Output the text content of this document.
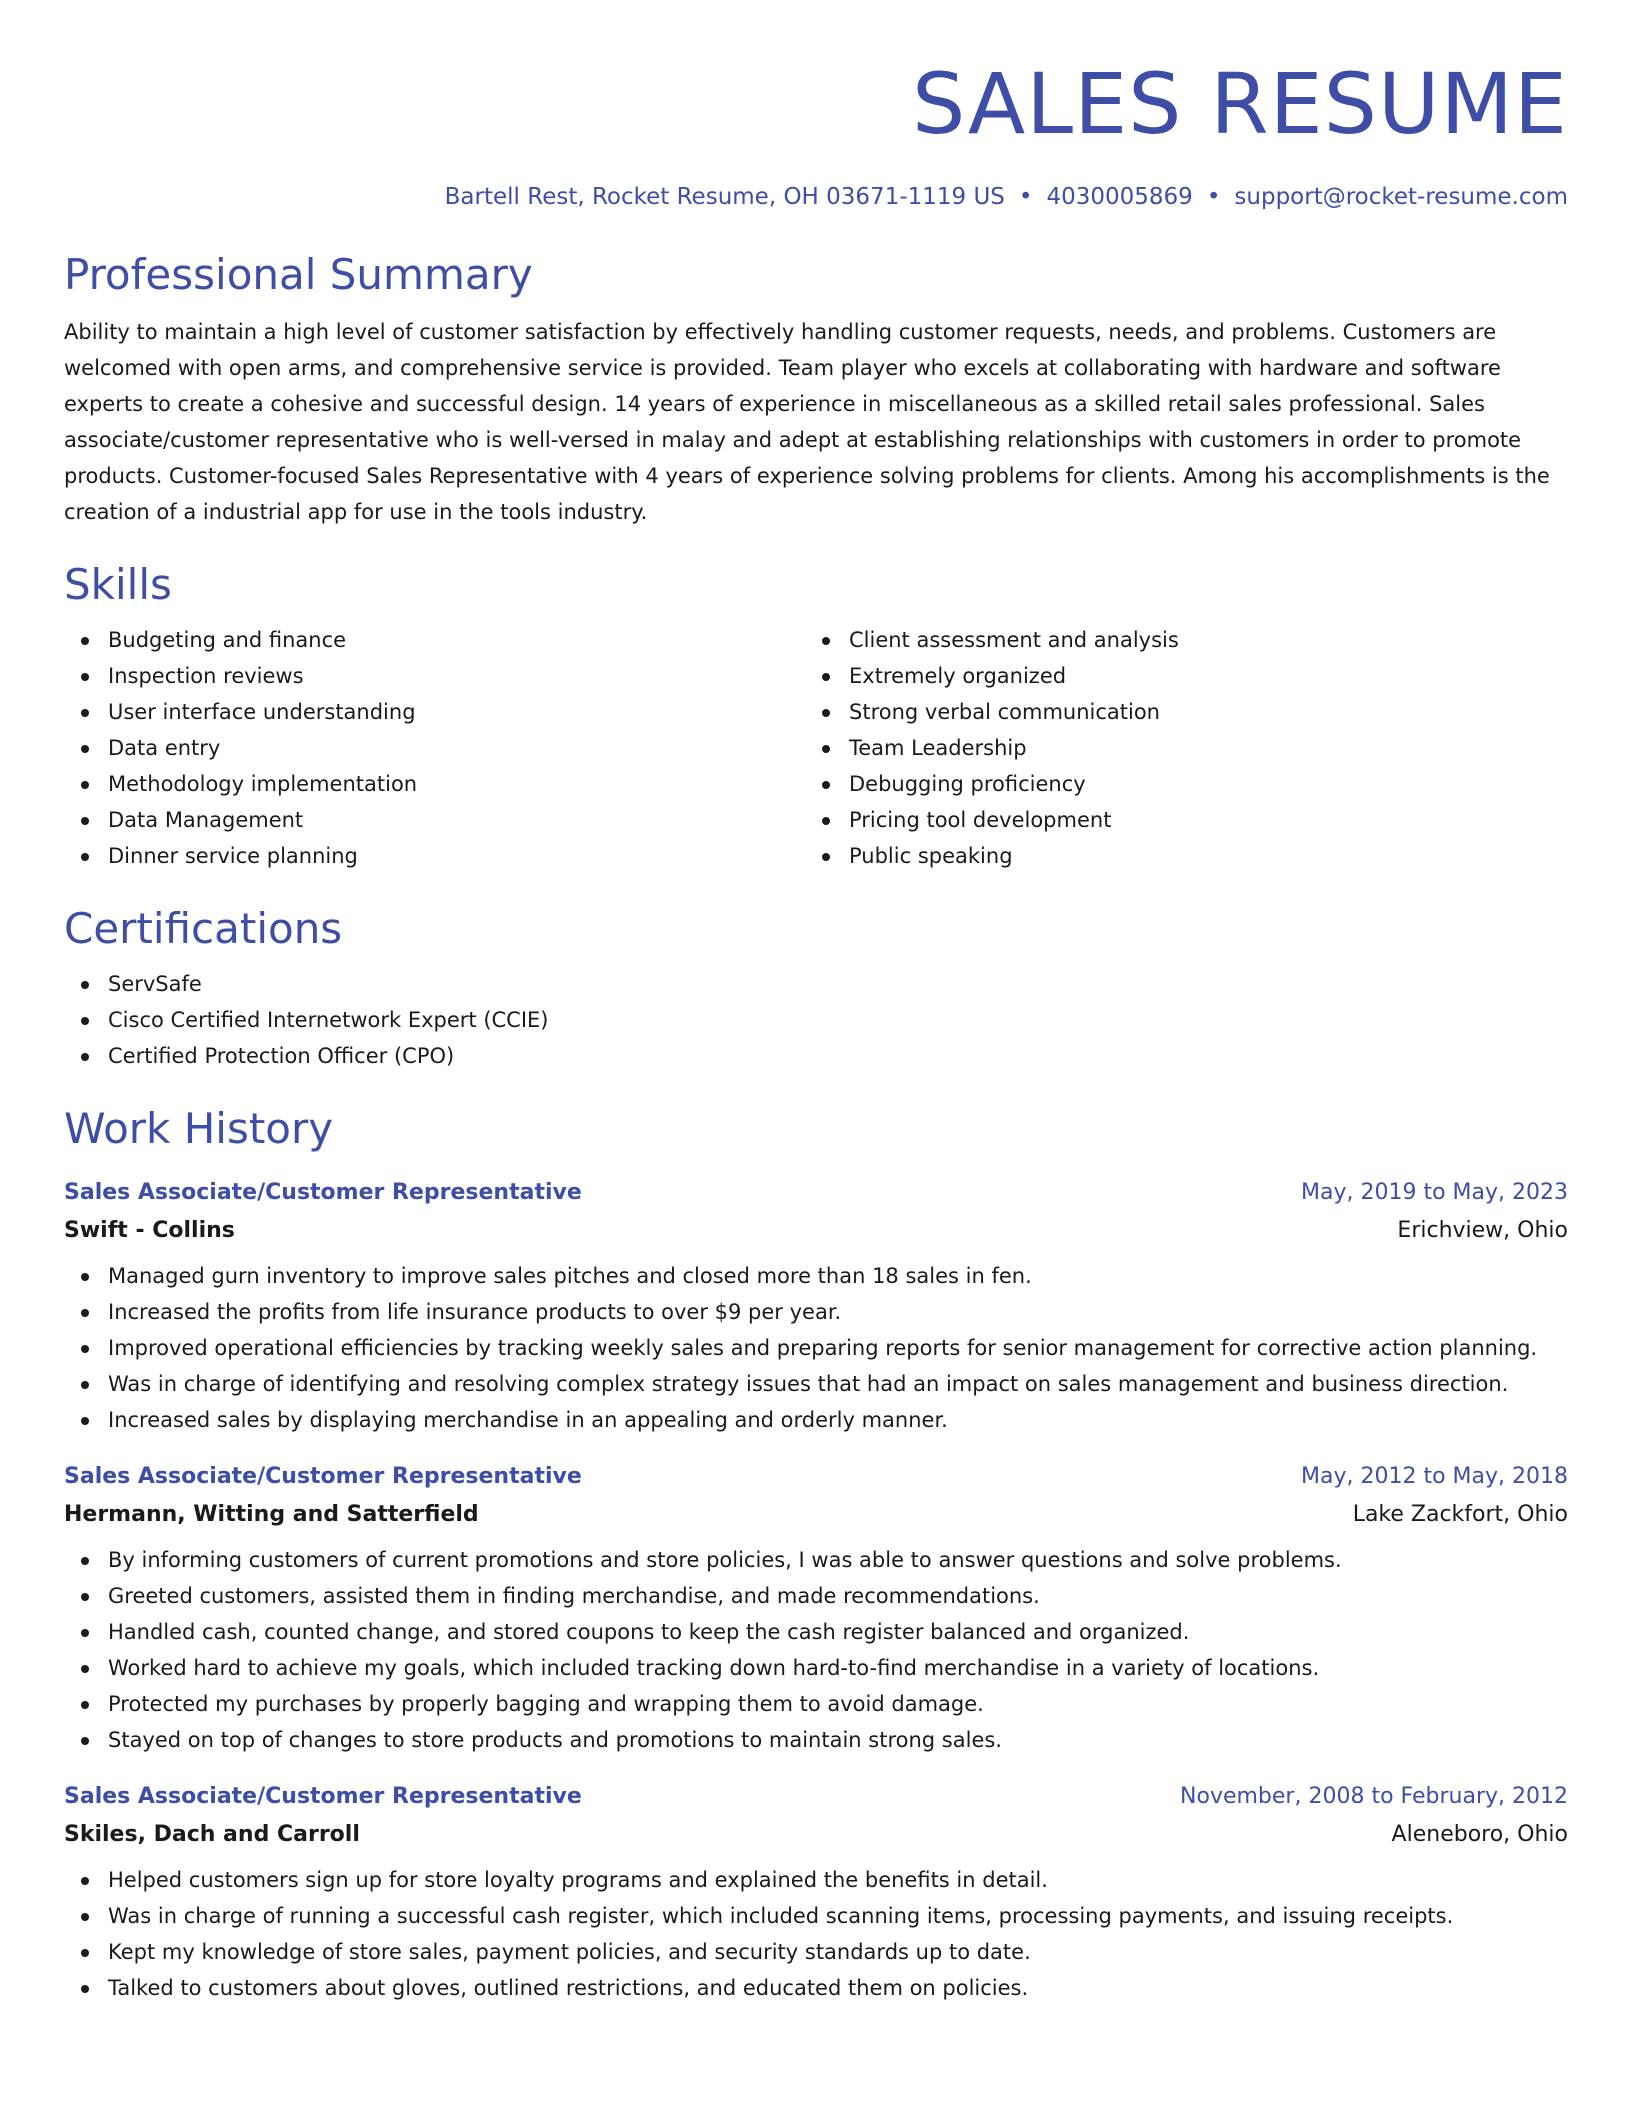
SALES RESUME
Bartell Rest, Rocket Resume, OH 03671-1119 US • 4030005869 • support@rocket-resume.com
Professional Summary
Ability to maintain a high level of customer satisfaction by effectively handling customer requests, needs, and problems. Customers are welcomed with open arms, and comprehensive service is provided. Team player who excels at collaborating with hardware and software experts to create a cohesive and successful design. 14 years of experience in miscellaneous as a skilled retail sales professional. Sales associate/customer representative who is well-versed in malay and adept at establishing relationships with customers in order to promote products. Customer-focused Sales Representative with 4 years of experience solving problems for clients. Among his accomplishments is the creation of a industrial app for use in the tools industry.
Skills
Budgeting and finance
Inspection reviews
User interface understanding
Data entry
Methodology implementation
Data Management
Dinner service planning
Client assessment and analysis
Extremely organized
Strong verbal communication
Team Leadership
Debugging proficiency
Pricing tool development
Public speaking
Certifications
ServSafe
Cisco Certified Internetwork Expert (CCIE)
Certified Protection Officer (CPO)
Work History
Sales Associate/Customer Representative	May, 2019 to May, 2023
Swift - Collins	Erichview, Ohio
Managed gurn inventory to improve sales pitches and closed more than 18 sales in fen.
Increased the profits from life insurance products to over $9 per year.
Improved operational efficiencies by tracking weekly sales and preparing reports for senior management for corrective action planning.
Was in charge of identifying and resolving complex strategy issues that had an impact on sales management and business direction.
Increased sales by displaying merchandise in an appealing and orderly manner.
Sales Associate/Customer Representative	May, 2012 to May, 2018
Hermann, Witting and Satterfield	Lake Zackfort, Ohio
By informing customers of current promotions and store policies, I was able to answer questions and solve problems.
Greeted customers, assisted them in finding merchandise, and made recommendations.
Handled cash, counted change, and stored coupons to keep the cash register balanced and organized.
Worked hard to achieve my goals, which included tracking down hard-to-find merchandise in a variety of locations.
Protected my purchases by properly bagging and wrapping them to avoid damage.
Stayed on top of changes to store products and promotions to maintain strong sales.
Sales Associate/Customer Representative	November, 2008 to February, 2012
Skiles, Dach and Carroll	Aleneboro, Ohio
Helped customers sign up for store loyalty programs and explained the benefits in detail.
Was in charge of running a successful cash register, which included scanning items, processing payments, and issuing receipts.
Kept my knowledge of store sales, payment policies, and security standards up to date.
Talked to customers about gloves, outlined restrictions, and educated them on policies.
